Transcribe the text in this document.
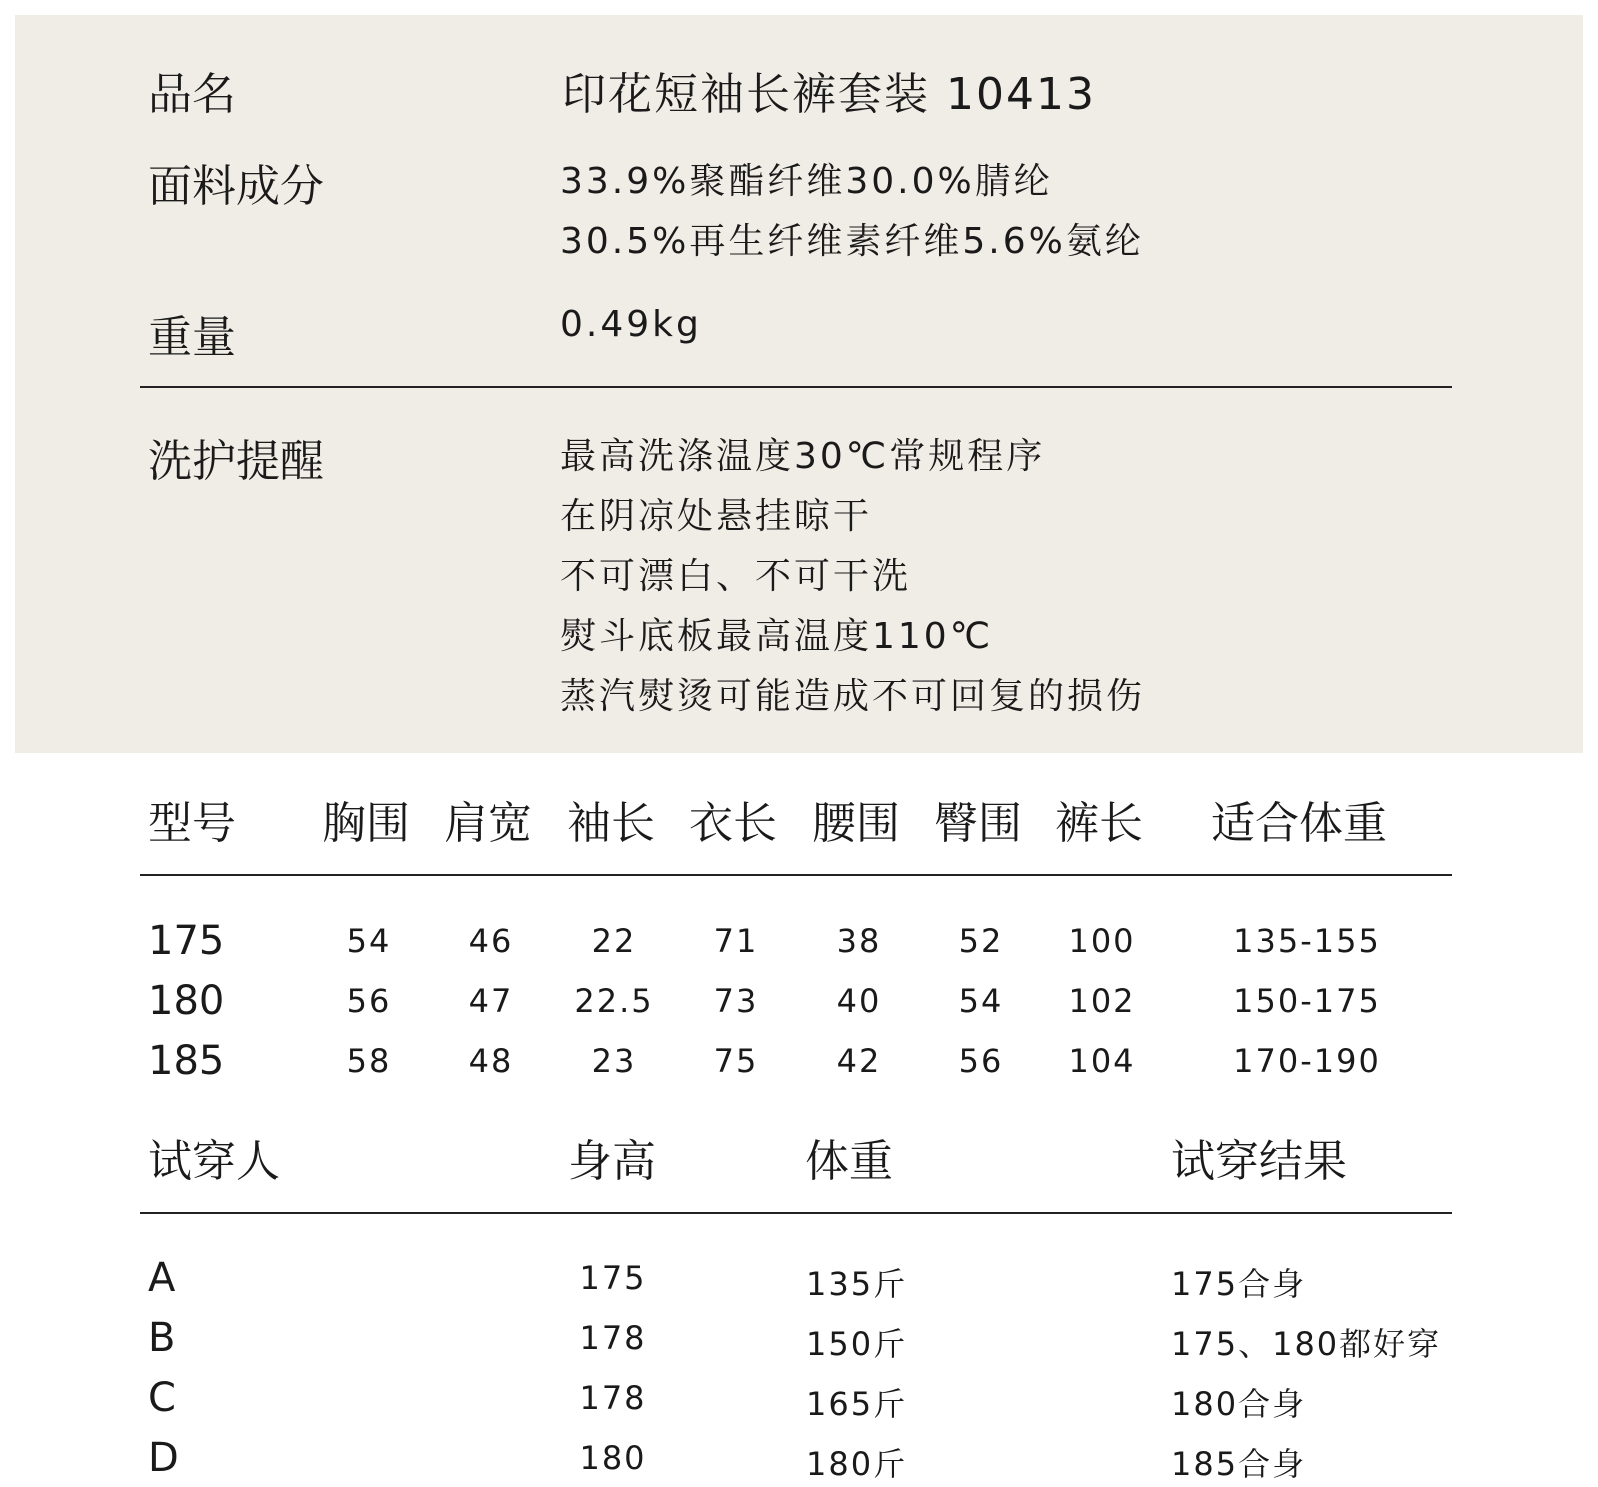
品名	印花短袖长裤套装 10413
面料成分	33.9%聚酯纤维30.0%腈纶
30.5%再生纤维素纤维5.6%氨纶
重量	0.49kg
洗护提醒	最高洗涤温度30℃常规程序
在阴凉处悬挂晾干
不可漂白、不可干洗
熨斗底板最高温度110℃
蒸汽熨烫可能造成不可回复的损伤
型号 胸围 肩宽 袖长 衣长 腰围 臀围 裤长 适合体重
175	54	46	22	71	38	52	100	135-155
180	56	47	22.5	73	40	54	102	150-175
185	58	48	23	75	42	56	104	170-190
试穿人	身高	体重	试穿结果
A	175	135斤	175合身
B	178	150斤	175、180都好穿
C	178	165斤	180合身
D	180	180斤	185合身
